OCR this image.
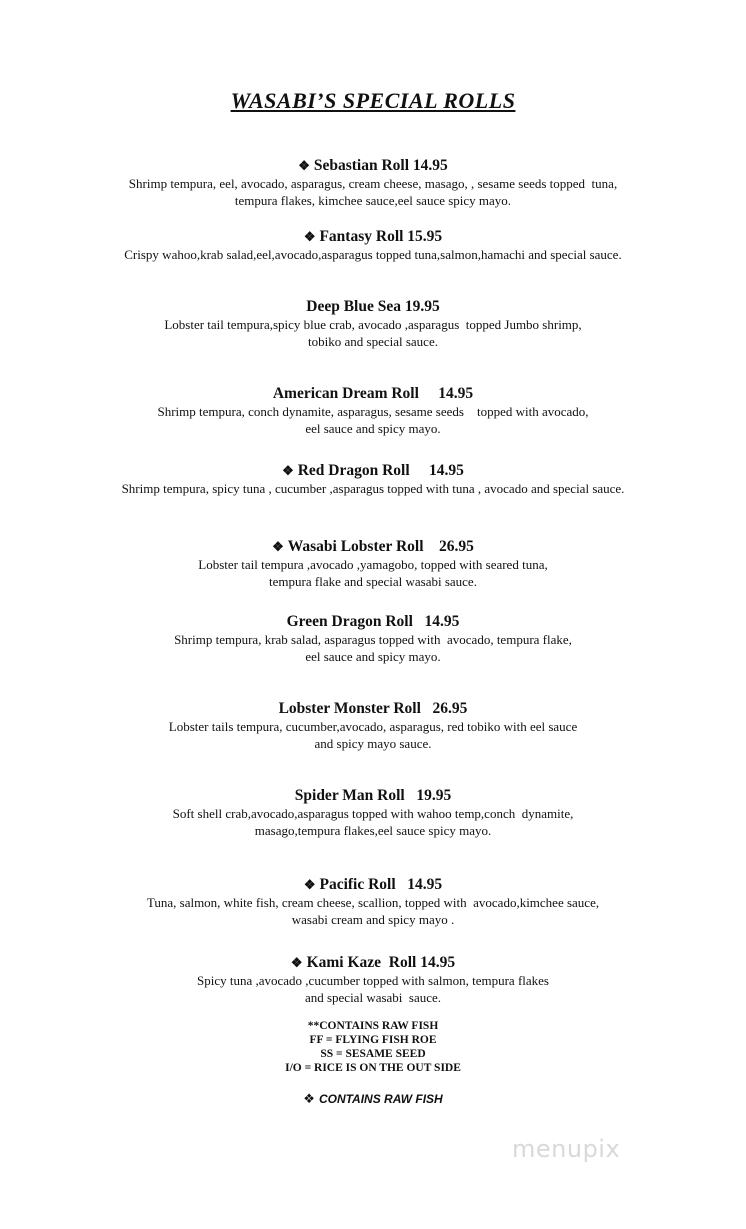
WASABI’S SPECIAL ROLLS
❖ Sebastian Roll 14.95
Shrimp tempura, eel, avocado, asparagus, cream cheese, masago, , sesame seeds topped  tuna,
tempura flakes, kimchee sauce,eel sauce spicy mayo.
❖ Fantasy Roll 15.95
Crispy wahoo,krab salad,eel,avocado,asparagus topped tuna,salmon,hamachi and special sauce.
Deep Blue Sea 19.95
Lobster tail tempura,spicy blue crab, avocado ,asparagus  topped Jumbo shrimp,
tobiko and special sauce.
American Dream Roll     14.95
Shrimp tempura, conch dynamite, asparagus, sesame seeds    topped with avocado,
eel sauce and spicy mayo.
❖ Red Dragon Roll     14.95
Shrimp tempura, spicy tuna , cucumber ,asparagus topped with tuna , avocado and special sauce.
❖ Wasabi Lobster Roll    26.95
Lobster tail tempura ,avocado ,yamagobo, topped with seared tuna,
tempura flake and special wasabi sauce.
Green Dragon Roll   14.95
Shrimp tempura, krab salad, asparagus topped with  avocado, tempura flake,
eel sauce and spicy mayo.
Lobster Monster Roll   26.95
Lobster tails tempura, cucumber,avocado, asparagus, red tobiko with eel sauce
and spicy mayo sauce.
Spider Man Roll   19.95
Soft shell crab,avocado,asparagus topped with wahoo temp,conch  dynamite,
masago,tempura flakes,eel sauce spicy mayo.
❖ Pacific Roll   14.95
Tuna, salmon, white fish, cream cheese, scallion, topped with  avocado,kimchee sauce,
wasabi cream and spicy mayo .
❖ Kami Kaze  Roll 14.95
Spicy tuna ,avocado ,cucumber topped with salmon, tempura flakes
and special wasabi  sauce.
**CONTAINS RAW FISH
FF = FLYING FISH ROE
SS = SESAME SEED
I/O = RICE IS ON THE OUT SIDE
❖ CONTAINS RAW FISH
menupix
